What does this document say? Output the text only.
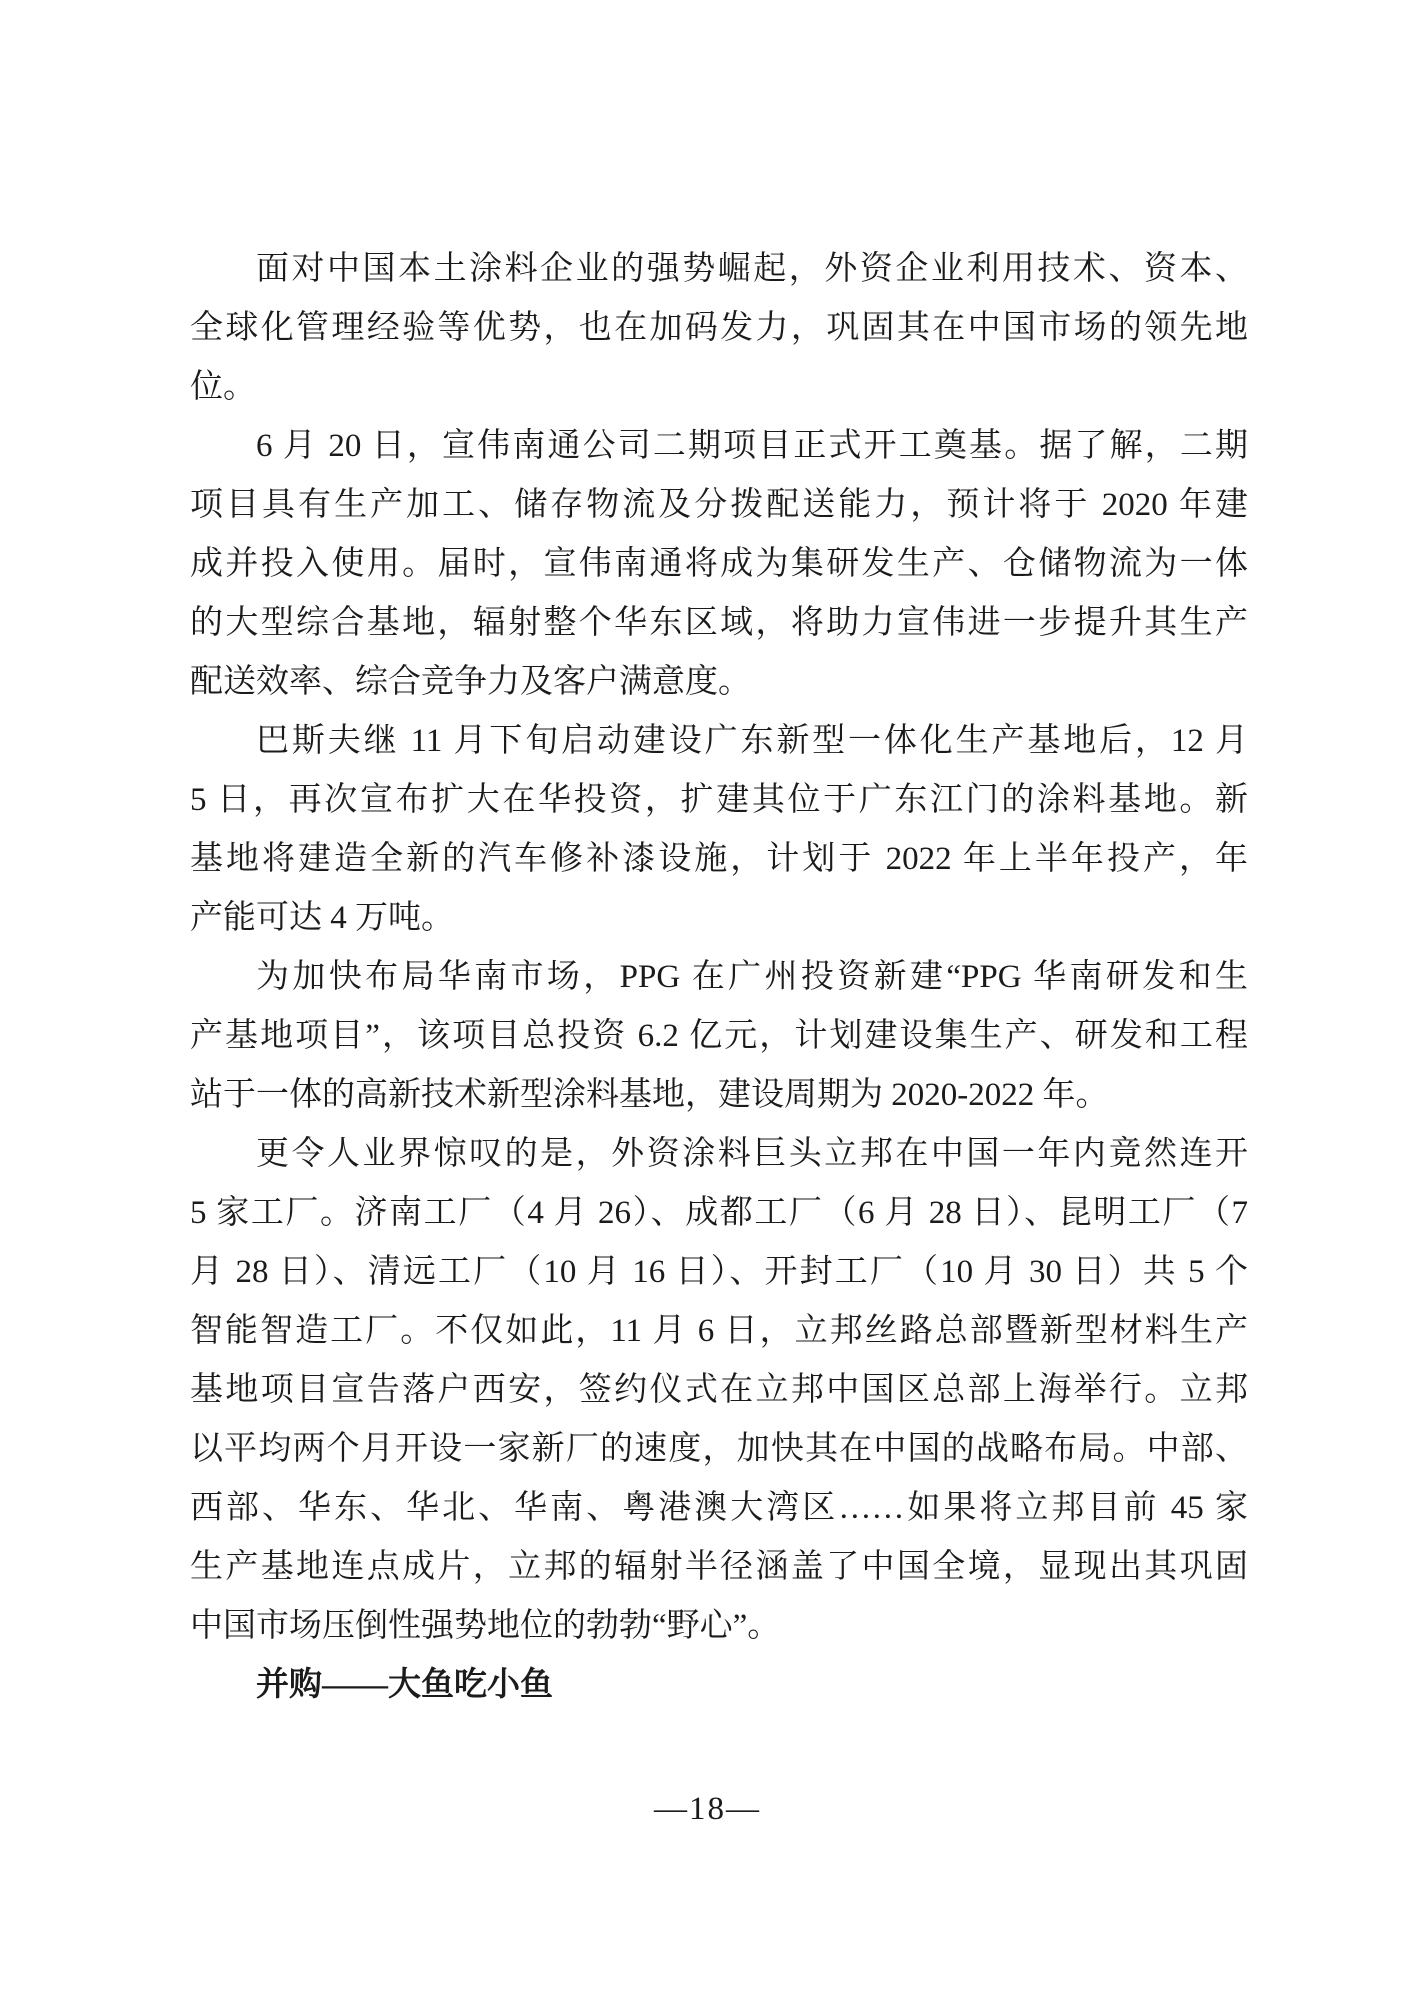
面对中国本土涂料企业的强势崛起，外资企业利用技术、资本、
全球化管理经验等优势，也在加码发力，巩固其在中国市场的领先地
位。
6 月 20 日，宣伟南通公司二期项目正式开工奠基。据了解，二期
项目具有生产加工、储存物流及分拨配送能力，预计将于 2020 年建
成并投入使用。届时，宣伟南通将成为集研发生产、仓储物流为一体
的大型综合基地，辐射整个华东区域，将助力宣伟进一步提升其生产
配送效率、综合竞争力及客户满意度。
巴斯夫继 11 月下旬启动建设广东新型一体化生产基地后，12 月
5 日，再次宣布扩大在华投资，扩建其位于广东江门的涂料基地。新
基地将建造全新的汽车修补漆设施，计划于 2022 年上半年投产，年
产能可达 4 万吨。
为加快布局华南市场，PPG 在广州投资新建“PPG 华南研发和生
产基地项目”，该项目总投资 6.2 亿元，计划建设集生产、研发和工程
站于一体的高新技术新型涂料基地，建设周期为 2020-2022 年。
更令人业界惊叹的是，外资涂料巨头立邦在中国一年内竟然连开
5 家工厂。济南工厂（4 月 26）、成都工厂（6 月 28 日）、昆明工厂（7
月 28 日）、清远工厂（10 月 16 日）、开封工厂（10 月 30 日）共 5 个
智能智造工厂。不仅如此，11 月 6 日，立邦丝路总部暨新型材料生产
基地项目宣告落户西安，签约仪式在立邦中国区总部上海举行。立邦
以平均两个月开设一家新厂的速度，加快其在中国的战略布局。中部、
西部、华东、华北、华南、粤港澳大湾区……如果将立邦目前 45 家
生产基地连点成片，立邦的辐射半径涵盖了中国全境，显现出其巩固
中国市场压倒性强势地位的勃勃“野心”。
并购——大鱼吃小鱼
—18—
